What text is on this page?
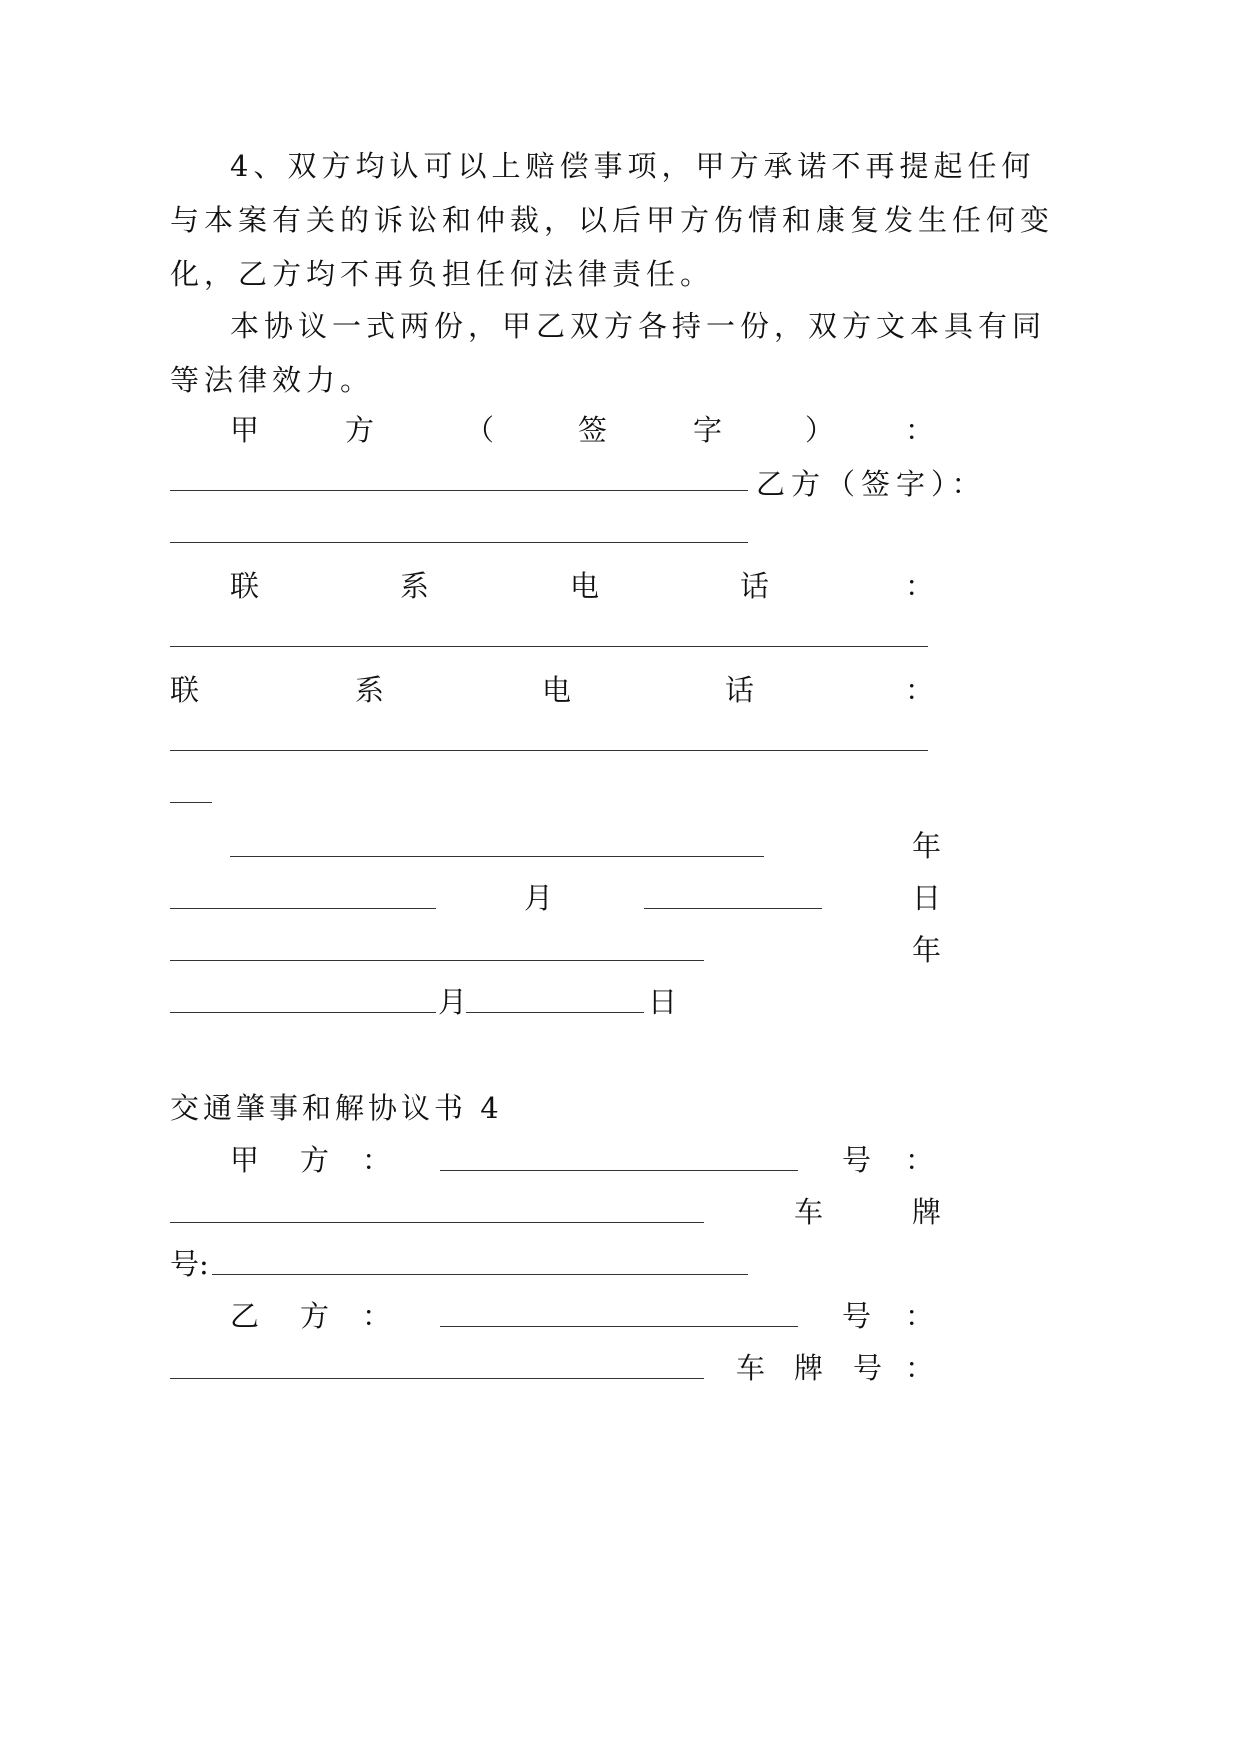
4、双方均认可以上赔偿事项，甲方承诺不再提起任何
与本案有关的诉讼和仲裁，以后甲方伤情和康复发生任何变
化，乙方均不再负担任何法律责任。
本协议一式两份，甲乙双方各持一份，双方文本具有同
等法律效力。
甲	方	（	签	字	） ：
乙方（签字）：
联	系	电	话	：
联	系	电	话	：
年
月	日
年
月	日
交通肇事和解协议书 4
甲 方 ：	号 ：
车	牌
号:
乙 方 ：	号 ：
车 牌 号 ：
